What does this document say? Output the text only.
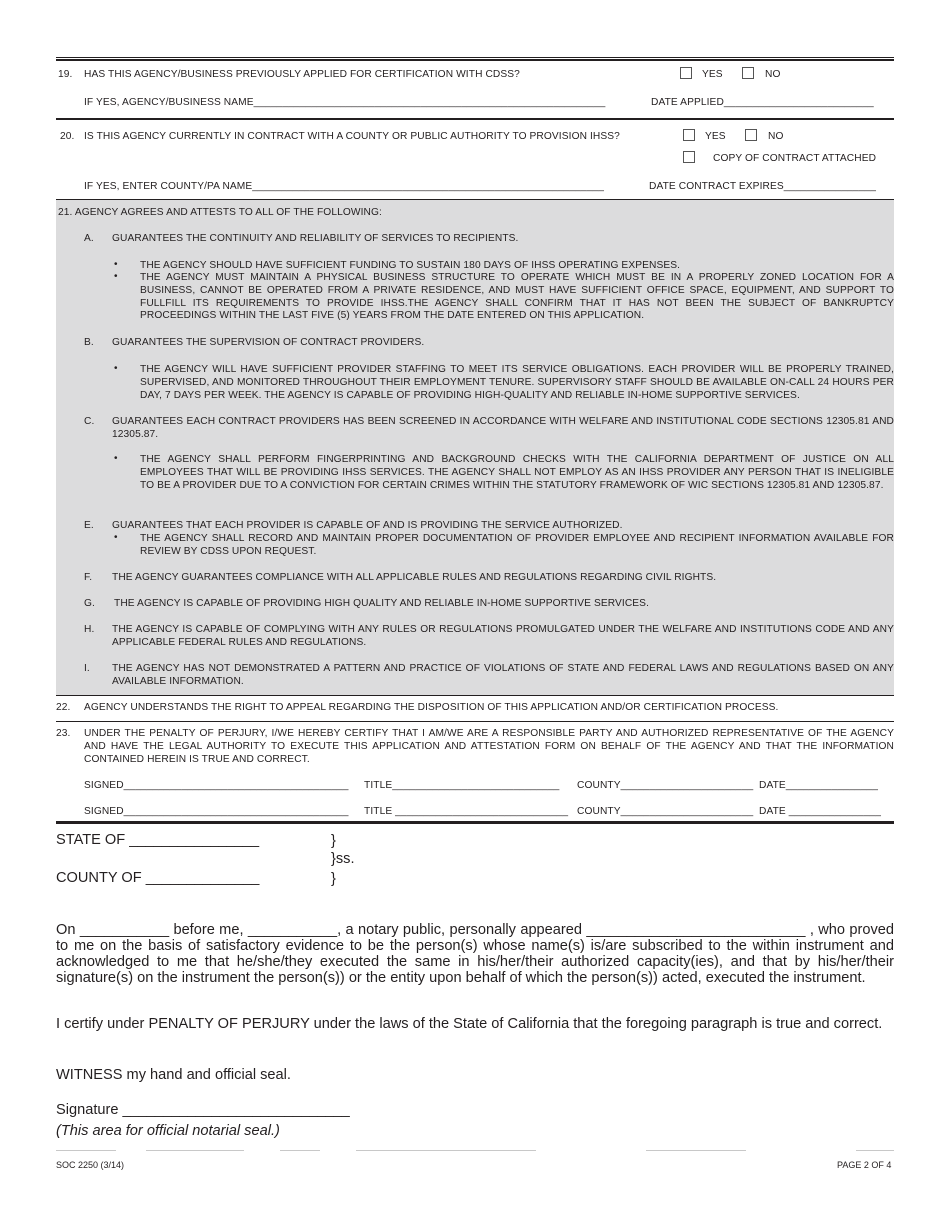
19. HAS THIS AGENCY/BUSINESS PREVIOUSLY APPLIED FOR CERTIFICATION WITH CDSS?	YES	NO
IF YES, AGENCY/BUSINESS NAME_____________________________________________________________	DATE APPLIED__________________________
20. IS THIS AGENCY CURRENTLY IN CONTRACT WITH A COUNTY OR PUBLIC AUTHORITY TO PROVISION IHSS?	YES	NO
COPY OF CONTRACT ATTACHED
IF YES, ENTER COUNTY/PA NAME_____________________________________________________________	DATE CONTRACT EXPIRES________________
21. AGENCY AGREES AND ATTESTS TO ALL OF THE FOLLOWING:
A. GUARANTEES THE CONTINUITY AND RELIABILITY OF SERVICES TO RECIPIENTS.
• THE AGENCY SHOULD HAVE SUFFICIENT FUNDING TO SUSTAIN 180 DAYS OF IHSS OPERATING EXPENSES.
• THE AGENCY MUST MAINTAIN A PHYSICAL BUSINESS STRUCTURE TO OPERATE WHICH MUST BE IN A PROPERLY ZONED LOCATION FOR A BUSINESS, CANNOT BE OPERATED FROM A PRIVATE RESIDENCE, AND MUST HAVE SUFFICIENT OFFICE SPACE, EQUIPMENT, AND SUPPORT TO FULLFILL ITS REQUIREMENTS TO PROVIDE IHSS.THE AGENCY SHALL CONFIRM THAT IT HAS NOT BEEN THE SUBJECT OF BANKRUPTCY PROCEEDINGS WITHIN THE LAST FIVE (5) YEARS FROM THE DATE ENTERED ON THIS APPLICATION.
B. GUARANTEES THE SUPERVISION OF CONTRACT PROVIDERS.
• THE AGENCY WILL HAVE SUFFICIENT PROVIDER STAFFING TO MEET ITS SERVICE OBLIGATIONS. EACH PROVIDER WILL BE PROPERLY TRAINED, SUPERVISED, AND MONITORED THROUGHOUT THEIR EMPLOYMENT TENURE. SUPERVISORY STAFF SHOULD BE AVAILABLE ON-CALL 24 HOURS PER DAY, 7 DAYS PER WEEK. THE AGENCY IS CAPABLE OF PROVIDING HIGH-QUALITY AND RELIABLE IN-HOME SUPPORTIVE SERVICES.
C. GUARANTEES EACH CONTRACT PROVIDERS HAS BEEN SCREENED IN ACCORDANCE WITH WELFARE AND INSTITUTIONAL CODE SECTIONS 12305.81 AND 12305.87.
• THE AGENCY SHALL PERFORM FINGERPRINTING AND BACKGROUND CHECKS WITH THE CALIFORNIA DEPARTMENT OF JUSTICE ON ALL EMPLOYEES THAT WILL BE PROVIDING IHSS SERVICES. THE AGENCY SHALL NOT EMPLOY AS AN IHSS PROVIDER ANY PERSON THAT IS INELIGIBLE TO BE A PROVIDER DUE TO A CONVICTION FOR CERTAIN CRIMES WITHIN THE STATUTORY FRAMEWORK OF WIC SECTIONS 12305.81 AND 12305.87.
E. GUARANTEES THAT EACH PROVIDER IS CAPABLE OF AND IS PROVIDING THE SERVICE AUTHORIZED.
• THE AGENCY SHALL RECORD AND MAINTAIN PROPER DOCUMENTATION OF PROVIDER EMPLOYEE AND RECIPIENT INFORMATION AVAILABLE FOR REVIEW BY CDSS UPON REQUEST.
F. THE AGENCY GUARANTEES COMPLIANCE WITH ALL APPLICABLE RULES AND REGULATIONS REGARDING CIVIL RIGHTS.
G. THE AGENCY IS CAPABLE OF PROVIDING HIGH QUALITY AND RELIABLE IN-HOME SUPPORTIVE SERVICES.
H. THE AGENCY IS CAPABLE OF COMPLYING WITH ANY RULES OR REGULATIONS PROMULGATED UNDER THE WELFARE AND INSTITUTIONS CODE AND ANY APPLICABLE FEDERAL RULES AND REGULATIONS.
I. THE AGENCY HAS NOT DEMONSTRATED A PATTERN AND PRACTICE OF VIOLATIONS OF STATE AND FEDERAL LAWS AND REGULATIONS BASED ON ANY AVAILABLE INFORMATION.
22. AGENCY UNDERSTANDS THE RIGHT TO APPEAL REGARDING THE DISPOSITION OF THIS APPLICATION AND/OR CERTIFICATION PROCESS.
23. UNDER THE PENALTY OF PERJURY, I/WE HEREBY CERTIFY THAT I AM/WE ARE A RESPONSIBLE PARTY AND AUTHORIZED REPRESENTATIVE OF THE AGENCY AND HAVE THE LEGAL AUTHORITY TO EXECUTE THIS APPLICATION AND ATTESTATION FORM ON BEHALF OF THE AGENCY AND THAT THE INFORMATION CONTAINED HEREIN IS TRUE AND CORRECT.
SIGNED_______________________________________ TITLE_____________________________ COUNTY_______________________ DATE________________
SIGNED_______________________________________ TITLE ______________________________ COUNTY_______________________ DATE ________________
STATE OF ________________	}
}ss.
COUNTY OF ______________	}
On ___________ before me, ___________, a notary public, personally appeared ___________________________ , who proved to me on the basis of satisfactory evidence to be the person(s) whose name(s) is/are subscribed to the within instrument and acknowledged to me that he/she/they executed the same in his/her/their authorized capacity(ies), and that by his/her/their signature(s) on the instrument the person(s)) or the entity upon behalf of which the person(s)) acted, executed the instrument.
I certify under PENALTY OF PERJURY under the laws of the State of California that the foregoing paragraph is true and correct.
WITNESS my hand and official seal.
Signature ____________________________
(This area for official notarial seal.)
SOC 2250 (3/14)	PAGE 2 OF 4
